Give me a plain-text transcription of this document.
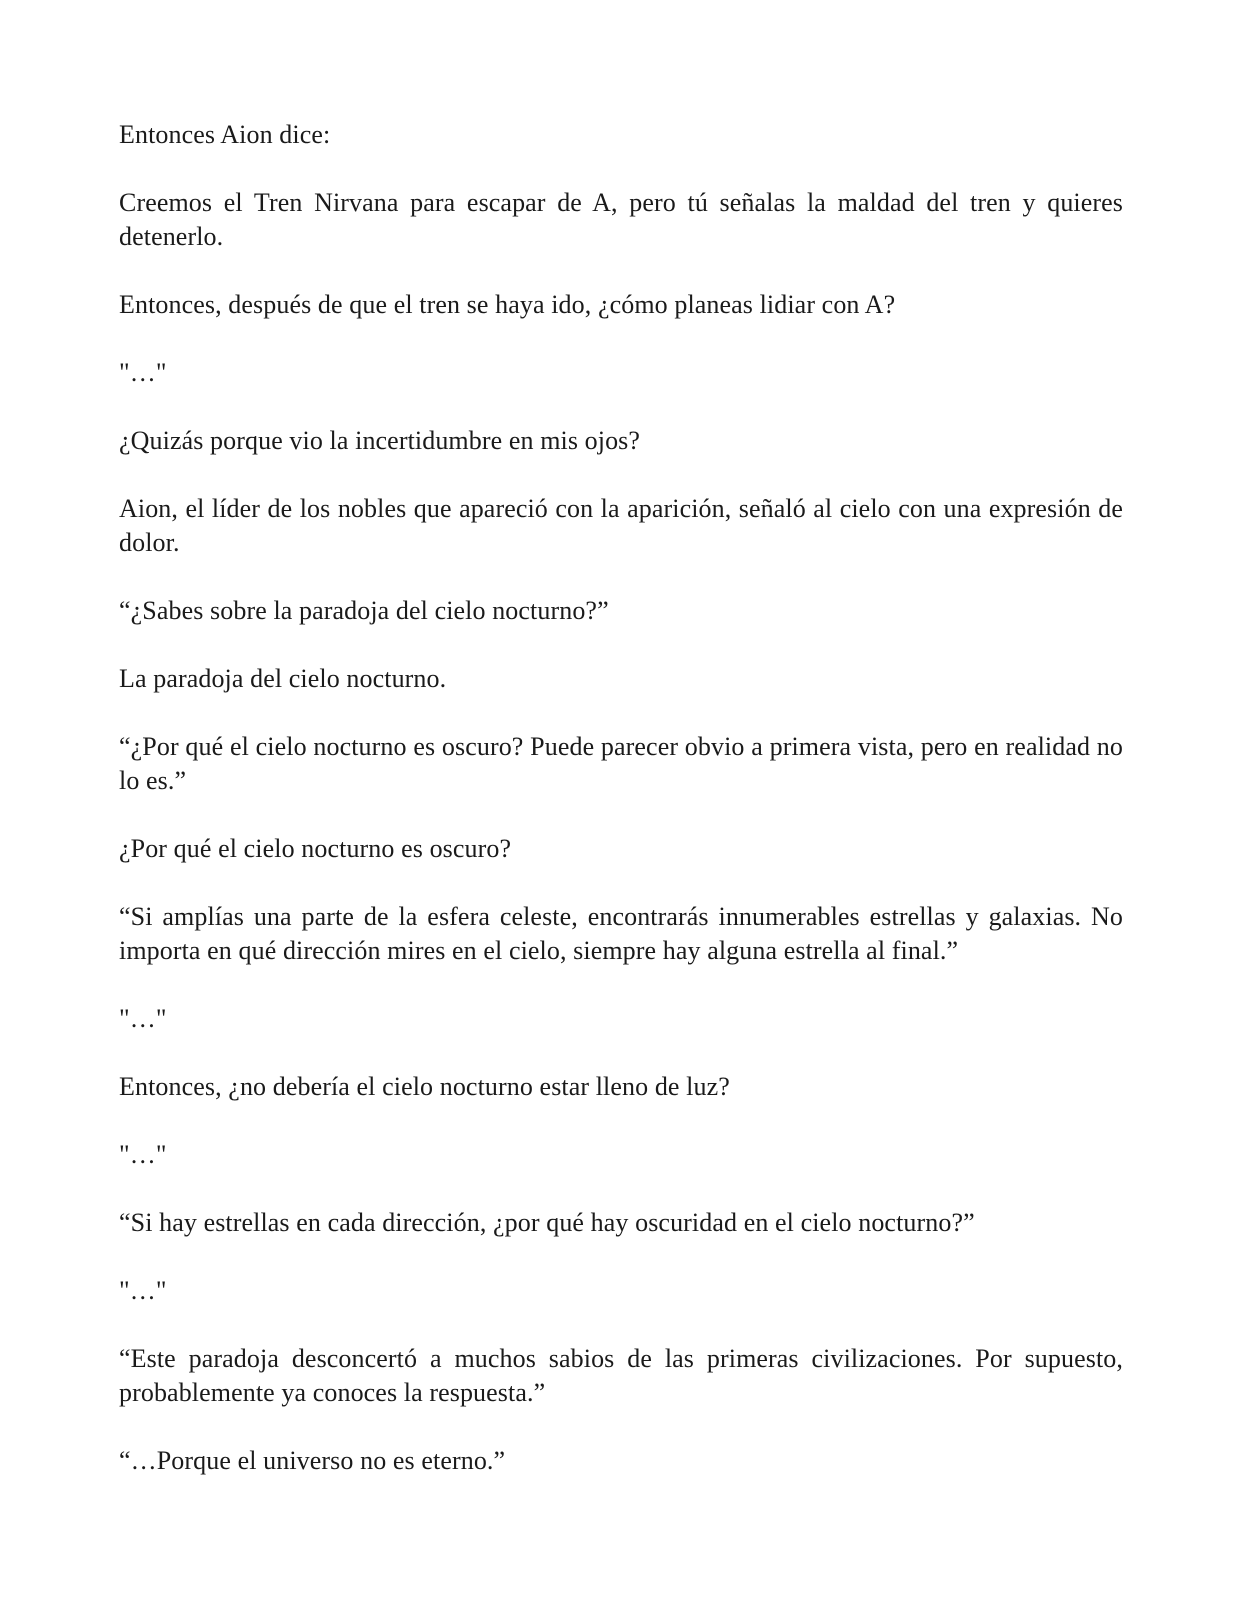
Entonces Aion dice:

Creemos el Tren Nirvana para escapar de A, pero tú señalas la maldad del tren y quieres detenerlo.

Entonces, después de que el tren se haya ido, ¿cómo planeas lidiar con A?

"…"

¿Quizás porque vio la incertidumbre en mis ojos?

Aion, el líder de los nobles que apareció con la aparición, señaló al cielo con una expresión de dolor.

“¿Sabes sobre la paradoja del cielo nocturno?”

La paradoja del cielo nocturno.

“¿Por qué el cielo nocturno es oscuro? Puede parecer obvio a primera vista, pero en realidad no lo es.”

¿Por qué el cielo nocturno es oscuro?

“Si amplías una parte de la esfera celeste, encontrarás innumerables estrellas y galaxias. No importa en qué dirección mires en el cielo, siempre hay alguna estrella al final.”

"…"

Entonces, ¿no debería el cielo nocturno estar lleno de luz?

"…"

“Si hay estrellas en cada dirección, ¿por qué hay oscuridad en el cielo nocturno?”

"…"

“Este paradoja desconcertó a muchos sabios de las primeras civilizaciones. Por supuesto, probablemente ya conoces la respuesta.”

“…Porque el universo no es eterno.”
